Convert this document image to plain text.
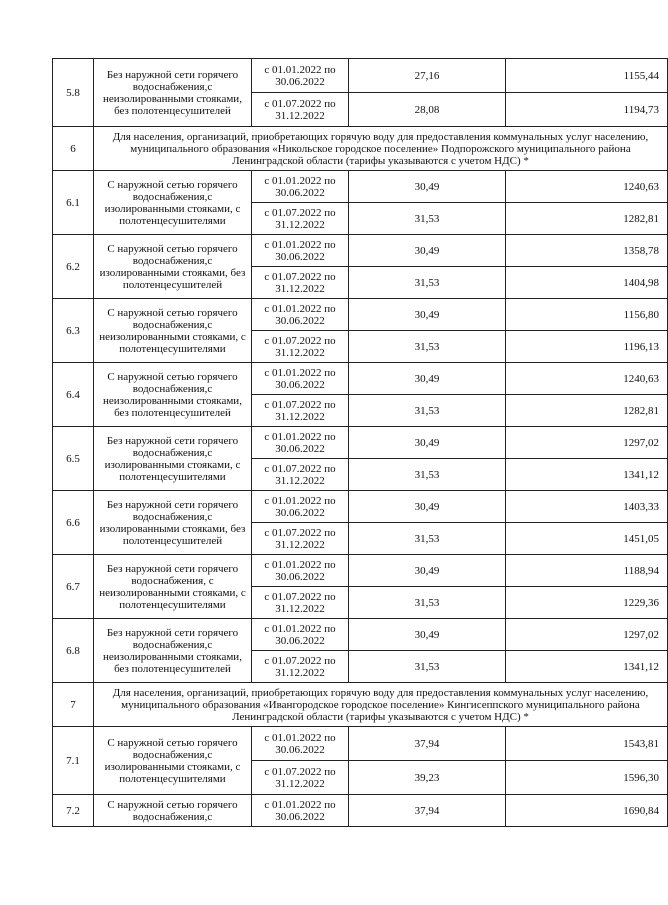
5.8	Без наружной сети горячего водоснабжения,с неизолированными стояками, без полотенцесушителей	с 01.01.2022 по 30.06.2022	27,16	1155,44
		с 01.07.2022 по 31.12.2022	28,08	1194,73
6	Для населения, организаций, приобретающих горячую воду для предоставления коммунальных услуг населению, муниципального образования «Никольское городское поселение» Подпорожского муниципального района Ленинградской области (тарифы указываются с учетом НДС) *			
6.1	С наружной сетью горячего водоснабжения,с изолированными стояками, с полотенцесушителями	с 01.01.2022 по 30.06.2022	30,49	1240,63
		с 01.07.2022 по 31.12.2022	31,53	1282,81
6.2	С наружной сетью горячего водоснабжения,с изолированными стояками, без полотенцесушителей	с 01.01.2022 по 30.06.2022	30,49	1358,78
		с 01.07.2022 по 31.12.2022	31,53	1404,98
6.3	С наружной сетью горячего водоснабжения,с неизолированными стояками, с полотенцесушителями	с 01.01.2022 по 30.06.2022	30,49	1156,80
		с 01.07.2022 по 31.12.2022	31,53	1196,13
6.4	С наружной сетью горячего водоснабжения,с неизолированными стояками, без полотенцесушителей	с 01.01.2022 по 30.06.2022	30,49	1240,63
		с 01.07.2022 по 31.12.2022	31,53	1282,81
6.5	Без наружной сети горячего водоснабжения,с изолированными стояками, с полотенцесушителями	с 01.01.2022 по 30.06.2022	30,49	1297,02
		с 01.07.2022 по 31.12.2022	31,53	1341,12
6.6	Без наружной сети горячего водоснабжения,с изолированными стояками, без полотенцесушителей	с 01.01.2022 по 30.06.2022	30,49	1403,33
		с 01.07.2022 по 31.12.2022	31,53	1451,05
6.7	Без наружной сети горячего водоснабжения, с неизолированными стояками, с полотенцесушителями	с 01.01.2022 по 30.06.2022	30,49	1188,94
		с 01.07.2022 по 31.12.2022	31,53	1229,36
6.8	Без наружной сети горячего водоснабжения,с неизолированными стояками, без полотенцесушителей	с 01.01.2022 по 30.06.2022	30,49	1297,02
		с 01.07.2022 по 31.12.2022	31,53	1341,12
7	Для населения, организаций, приобретающих горячую воду для предоставления коммунальных услуг населению, муниципального образования «Ивангородское городское поселение» Кингисеппского муниципального района Ленинградской области (тарифы указываются с учетом НДС) *			
7.1	С наружной сетью горячего водоснабжения,с изолированными стояками, с полотенцесушителями	с 01.01.2022 по 30.06.2022	37,94	1543,81
		с 01.07.2022 по 31.12.2022	39,23	1596,30
7.2	С наружной сетью горячего водоснабжения,с	с 01.01.2022 по 30.06.2022	37,94	1690,84
